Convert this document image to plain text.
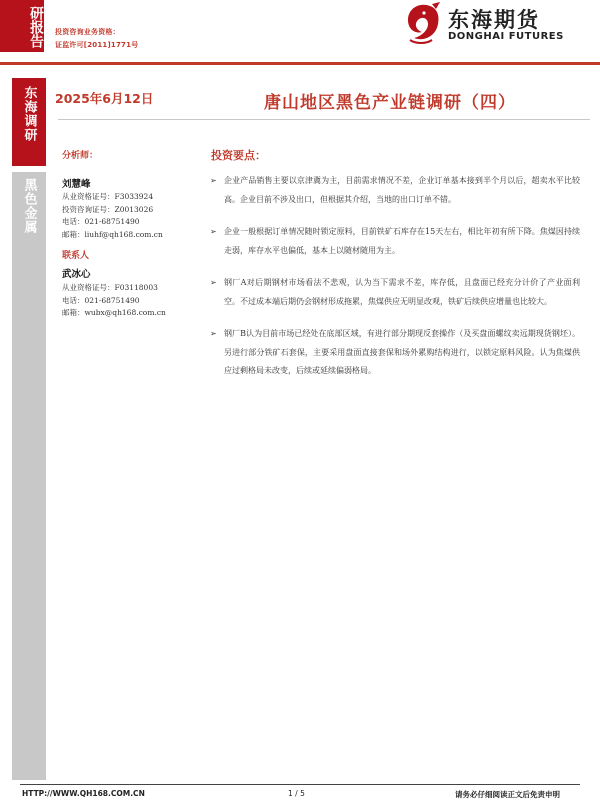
研报告 投资咨询业务资格：
证监许可[2011]1771号
东海期货
DONGHAI FUTURES
东海调研
黑色金属
2025年6月12日	唐山地区黑色产业链调研（四）
分析师：
刘慧峰
从业资格证号：F3033924
投资咨询证号：Z0013026
电话：021-68751490
邮箱：liuhf@qh168.com.cn
联系人
武冰心
从业资格证号：F03118003
电话：021-68751490
邮箱：wubx@qh168.com.cn
投资要点：
➢ 企业产品销售主要以京津冀为主，目前需求情况不差，企业订单基本接到半个月以后，超卖水平比较高。企业目前不涉及出口，但根据其介绍，当地的出口订单不错。
➢ 企业一般根据订单情况随时锁定原料，目前铁矿石库存在15天左右，相比年初有所下降。焦煤因持续走弱，库存水平也偏低，基本上以随材随用为主。
➢ 钢厂A对后期钢材市场看法不悲观，认为当下需求不差，库存低，且盘面已经充分计价了产业面利空。不过成本端后期仍会钢材形成拖累，焦煤供应无明显改观，铁矿后续供应增量也比较大。
➢ 钢厂B认为目前市场已经处在底部区域，有进行部分期现反套操作（及买盘面螺纹卖远期现货钢坯）。另进行部分铁矿石套保，主要采用盘面直接套保和场外累购结构进行，以锁定原料风险。认为焦煤供应过剩格局未改变，后续或延续偏弱格局。
HTTP://WWW.QH168.COM.CN	1 / 5	请务必仔细阅读正文后免责申明
